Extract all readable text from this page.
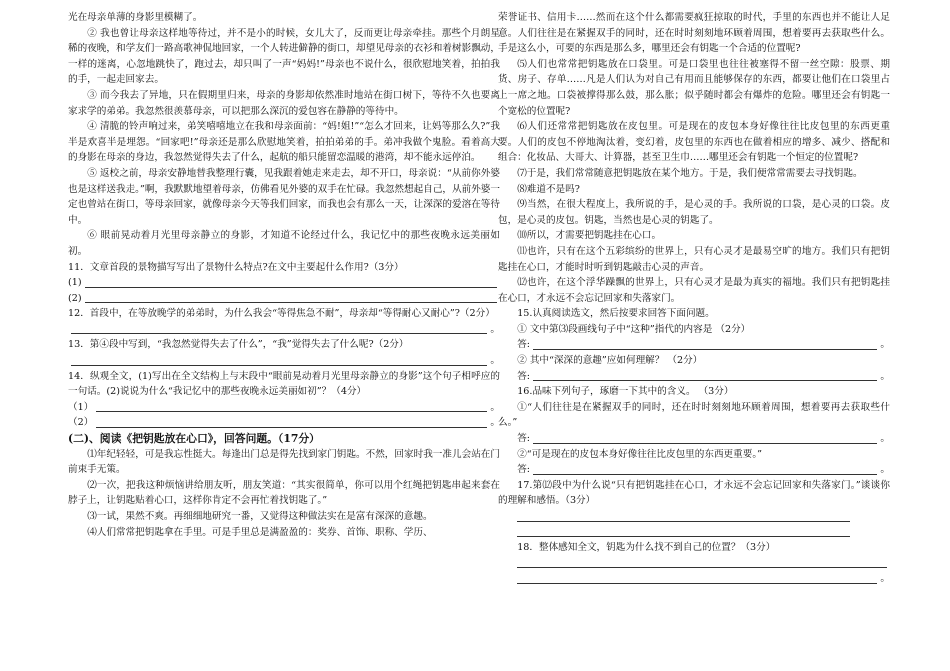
光在母亲单薄的身影里模糊了。

② 我也曾让母亲这样地等待过，并不是小的时候，女儿大了，反而更让母亲牵挂。那些个月朗星稀的夜晚，和学友们一路高歌神侃地回家，一个人转进僻静的街口，却望见母亲的衣衫和着树影飘动，一样的迷离，心忽地跳快了，跑过去，却只叫了一声“妈妈!”母亲也不说什么，很欣慰地笑着，拍拍我的手，一起走回家去。

③ 而今我去了异地，只在假期里归来，母亲的身影却依然准时地站在街口树下，等待不久也要离家求学的弟弟。我忽然很羡慕母亲，可以把那么深沉的爱包容在静静的等待中。

④ 清脆的铃声响过来，弟笑嘻嘻地立在我和母亲面前：“妈!姐!”“怎么才回来，让妈等那么久?”我半是欢喜半是埋怨。“回家吧!”母亲还是那么欣慰地笑着，拍拍弟弟的手。弟冲我做个鬼脸。看着高大的身影在母亲的身边，我忽然觉得失去了什么，起航的船只能留恋温暖的港湾，却不能永远停泊。

⑤ 返校之前，母亲安静地替我整理行囊，见我跟着她走来走去，却不开口，母亲说：“从前你外婆也是这样送我走。”啊，我默默地望着母亲，仿佛看见外婆的双手在忙碌。我忽然想起自己，从前外婆一定也曾站在街口，等母亲回家，就像母亲今天等我们回家，而我也会有那么一天，让深深的爱溶在等待中。

⑥ 眼前晃动着月光里母亲静立的身影，才知道不论经过什么，我记忆中的那些夜晚永远美丽如初。

11．文章首段的景物描写写出了景物什么特点?在文中主要起什么作用?（3分）

(1)
(2)

12．首段中，在等放晚学的弟弟时，为什么我会“等得焦急不耐”，母亲却“等得耐心又耐心”?（2分）

。

13．第④段中写到，“我忽然觉得失去了什么”，“我”觉得失去了什么呢?（2分）

。

14．纵观全文，(1)写出在全文结构上与末段中“眼前晃动着月光里母亲静立的身影”这个句子相呼应的一句话。(2)说说为什么“我记忆中的那些夜晚永远美丽如初”？（4分）

（1）	。
（2）	。

(二)、阅读《把钥匙放在心口》，回答问题。（17分）

⑴年纪轻轻，可是我忘性挺大。每逢出门总是得先找到家门钥匙。不然，回家时我一准儿会站在门前束手无策。

⑵一次，把我这种烦恼讲给朋友听，朋友笑道：“其实很简单，你可以用个红绳把钥匙串起来套在脖子上，让钥匙贴着心口，这样你肯定不会再忙着找钥匙了。”

⑶一试，果然不爽。再细细地研究一番，又觉得这种做法实在是富有深深的意趣。

⑷人们常常把钥匙拿在手里。可是手里总是满盈盈的：奖券、首饰、职称、学历、

荣誉证书、信用卡……然而在这个什么都需要疯狂掠取的时代，手里的东西也并不能让人足意。人们往往是在紧握双手的同时，还在时时刻刻地环顾着周围，想着要再去获取些什么。手是这么小，可要的东西是那么多，哪里还会有钥匙一个合适的位置呢?

⑸人们也常常把钥匙放在口袋里。可是口袋里也往往被塞得不留一丝空隙：股票、期货、房子、存单……凡是人们认为对自己有用而且能够保存的东西，都要让他们在口袋里占上一席之地。口袋被撑得那么鼓，那么胀；似乎随时都会有爆炸的危险。哪里还会有钥匙一个宽松的位置呢?

⑹人们还常常把钥匙放在皮包里。可是现在的皮包本身好像往往比皮包里的东西更重要。人们的皮包不停地淘汰着，变幻着，皮包里的东西也在做着相应的增多、减少、搭配和组合：化妆品、大哥大、计算器，甚至卫生巾……哪里还会有钥匙一个恒定的位置呢?

⑺于是，我们常常随意把钥匙放在某个地方。于是，我们便常常需要去寻找钥匙。

⑻难道不是吗?

⑼当然，在很大程度上，我所说的手，是心灵的手。我所说的口袋，是心灵的口袋。皮包，是心灵的皮包。钥匙，当然也是心灵的钥匙了。

⑽所以，才需要把钥匙挂在心口。

⑾也许，只有在这个五彩缤纷的世界上，只有心灵才是最易空旷的地方。我们只有把钥匙挂在心口，才能时时听到钥匙敲击心灵的声音。

⑿也许，在这个浮华躁飘的世界上，只有心灵才是最为真实的福地。我们只有把钥匙挂在心口，才永远不会忘记回家和失落家门。

15.认真阅读选文，然后按要求回答下面问题。

① 文中第⑶段画线句子中“这种”指代的内容是 （2分）

答:	。

② 其中“深深的意趣”应如何理解？ （2分）

答:	。

16.品味下列句子，琢磨一下其中的含义。 （3分）

①“人们往往是在紧握双手的同时，还在时时刻刻地环顾着周围，想着要再去获取些什么。”

答:	。

②“可是现在的皮包本身好像往往比皮包里的东西更重要。”

答:	。

17.第⑿段中为什么说“只有把钥匙挂在心口，才永远不会忘记回家和失落家门。”谈谈你的理解和感悟。（3分）

18．整体感知全文，钥匙为什么找不到自己的位置？（3分）

。
